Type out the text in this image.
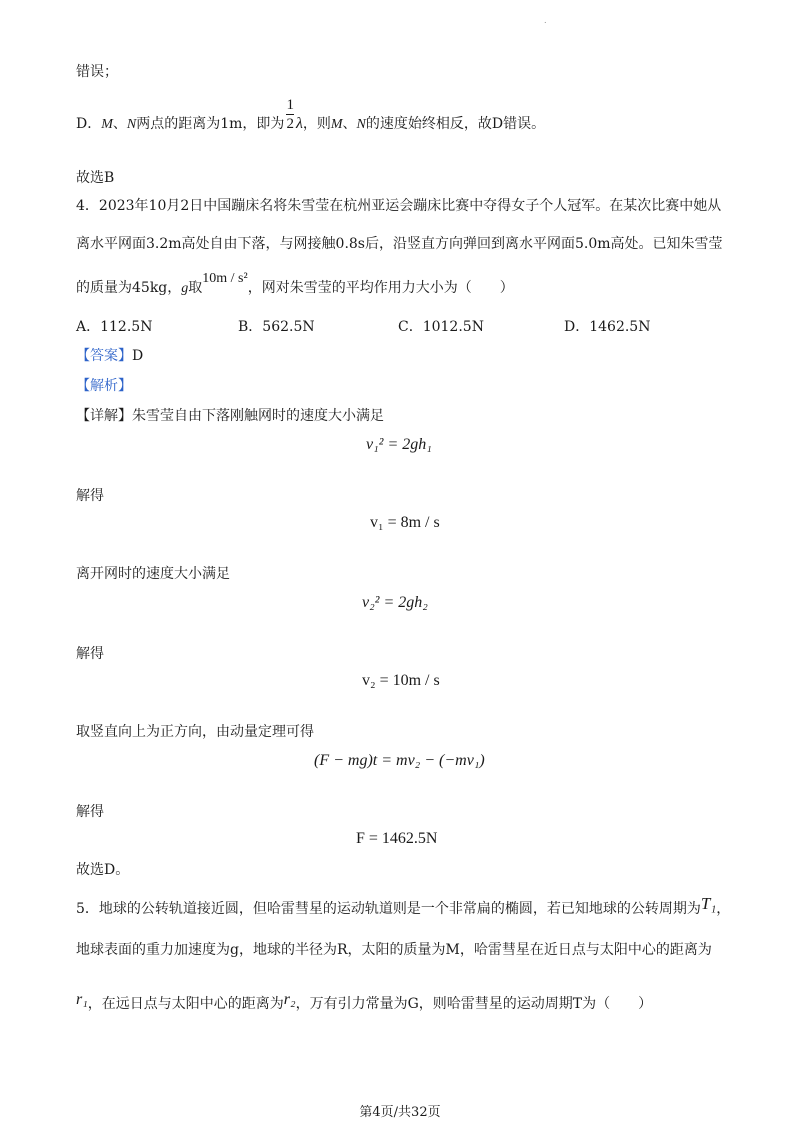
.
错误；
D．M、N两点的距离为1m，即为 $\frac{1}{2}$ λ，则M、N的速度始终相反，故D错误。
故选B
4．2023年10月2日中国蹦床名将朱雪莹在杭州亚运会蹦床比赛中夺得女子个人冠军。在某次比赛中她从
离水平网面3.2m高处自由下落，与网接触0.8s后，沿竖直方向弹回到离水平网面5.0m高处。已知朱雪莹
的质量为45kg，g取10m / s²，网对朱雪莹的平均作用力大小为（　　）
A．112.5N	B．562.5N	C．1012.5N	D．1462.5N
【答案】D
【解析】
【详解】朱雪莹自由下落刚触网时的速度大小满足
v₁² = 2gh₁
解得
v₁ = 8m / s
离开网时的速度大小满足
v₂² = 2gh₂
解得
v₂ = 10m / s
取竖直向上为正方向，由动量定理可得
(F − mg)t = mv₂ − (−mv₁)
解得
F = 1462.5N
故选D。
5．地球的公转轨道接近圆，但哈雷彗星的运动轨道则是一个非常扁的椭圆，若已知地球的公转周期为T₁，
地球表面的重力加速度为g，地球的半径为R，太阳的质量为M，哈雷彗星在近日点与太阳中心的距离为
r₁，在远日点与太阳中心的距离为r₂，万有引力常量为G，则哈雷彗星的运动周期T为（　　）
第4页/共32页
